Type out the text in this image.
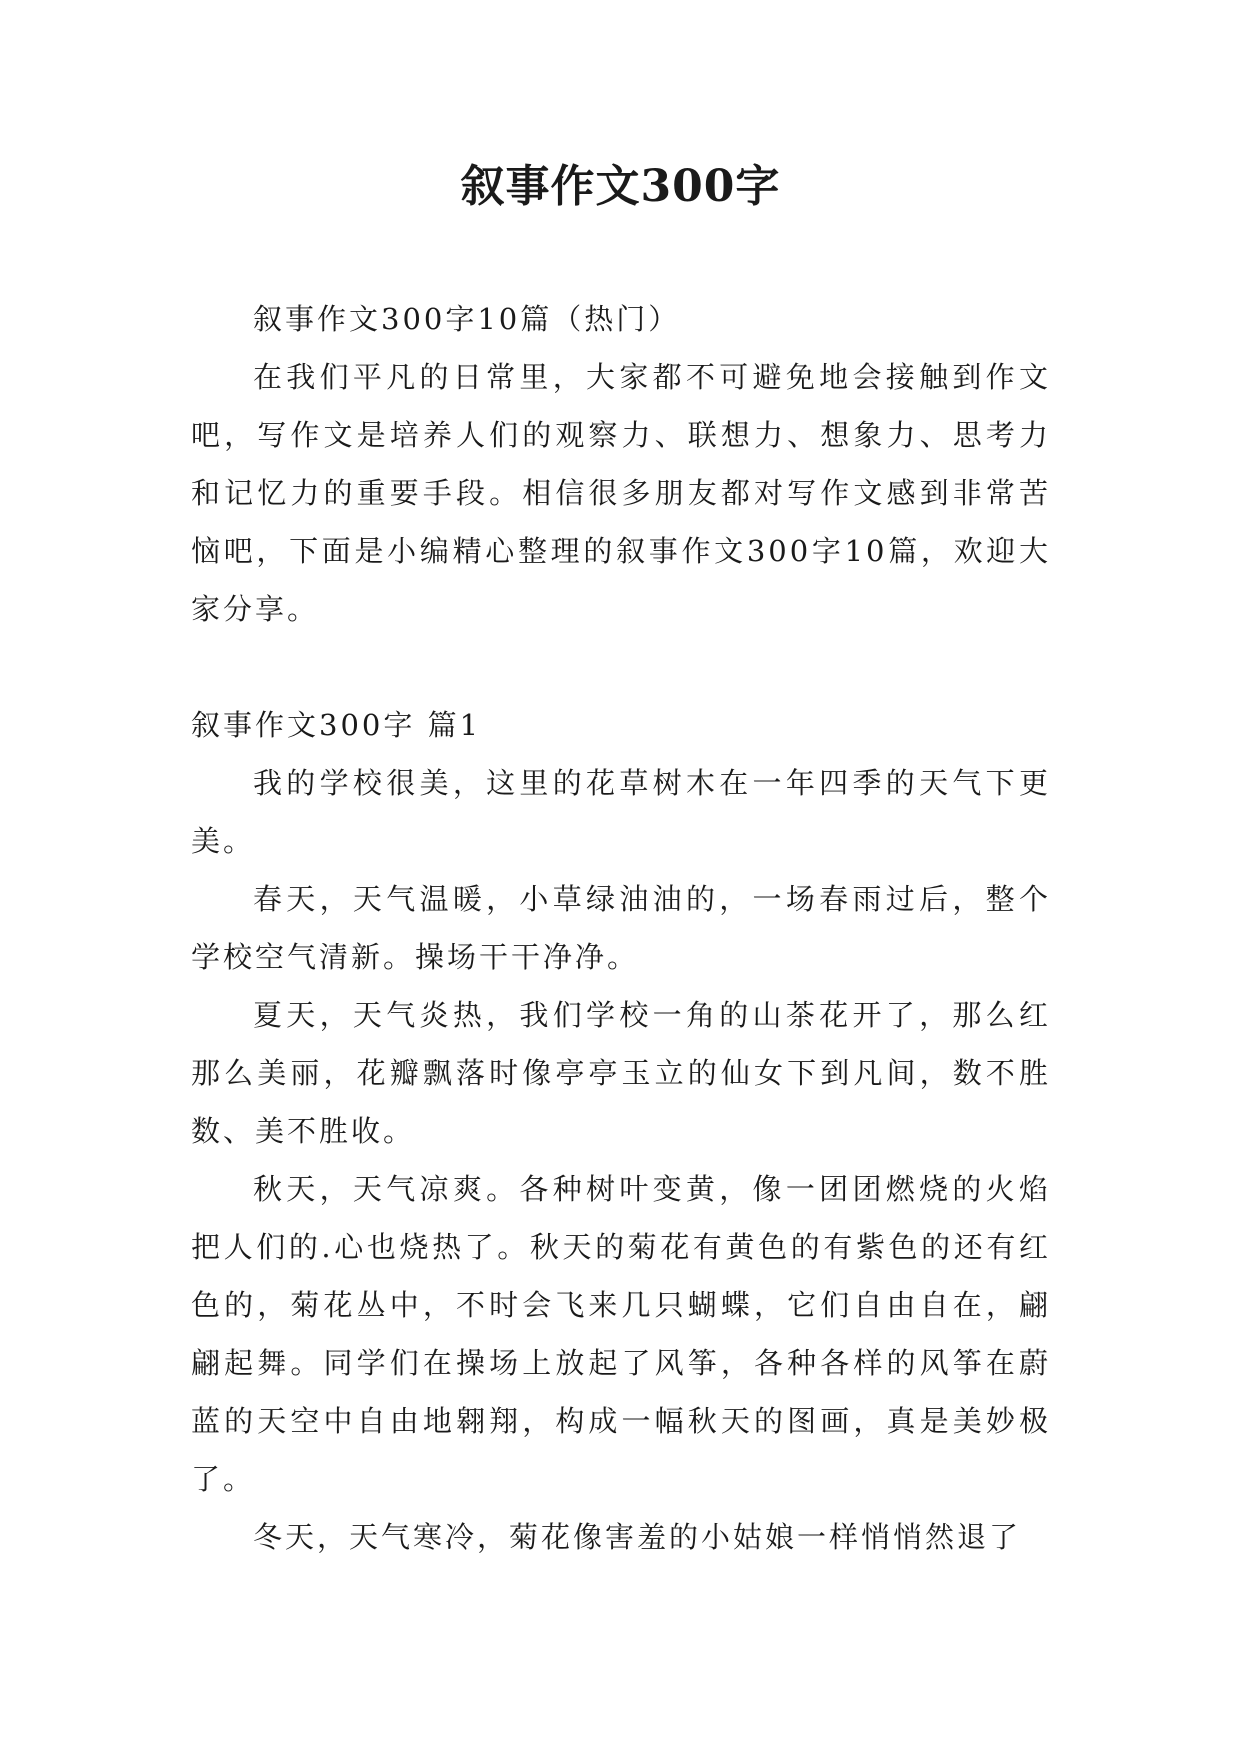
叙事作文300字

叙事作文300字10篇（热门）

在我们平凡的日常里，大家都不可避免地会接触到作文吧，写作文是培养人们的观察力、联想力、想象力、思考力和记忆力的重要手段。相信很多朋友都对写作文感到非常苦恼吧，下面是小编精心整理的叙事作文300字10篇，欢迎大家分享。

叙事作文300字 篇1

我的学校很美，这里的花草树木在一年四季的天气下更美。

春天，天气温暖，小草绿油油的，一场春雨过后，整个学校空气清新。操场干干净净。

夏天，天气炎热，我们学校一角的山茶花开了，那么红那么美丽，花瓣飘落时像亭亭玉立的仙女下到凡间，数不胜数、美不胜收。

秋天，天气凉爽。各种树叶变黄，像一团团燃烧的火焰把人们的.心也烧热了。秋天的菊花有黄色的有紫色的还有红色的，菊花丛中，不时会飞来几只蝴蝶，它们自由自在，翩翩起舞。同学们在操场上放起了风筝，各种各样的风筝在蔚蓝的天空中自由地翱翔，构成一幅秋天的图画，真是美妙极了。

冬天，天气寒冷，菊花像害羞的小姑娘一样悄悄然退了
